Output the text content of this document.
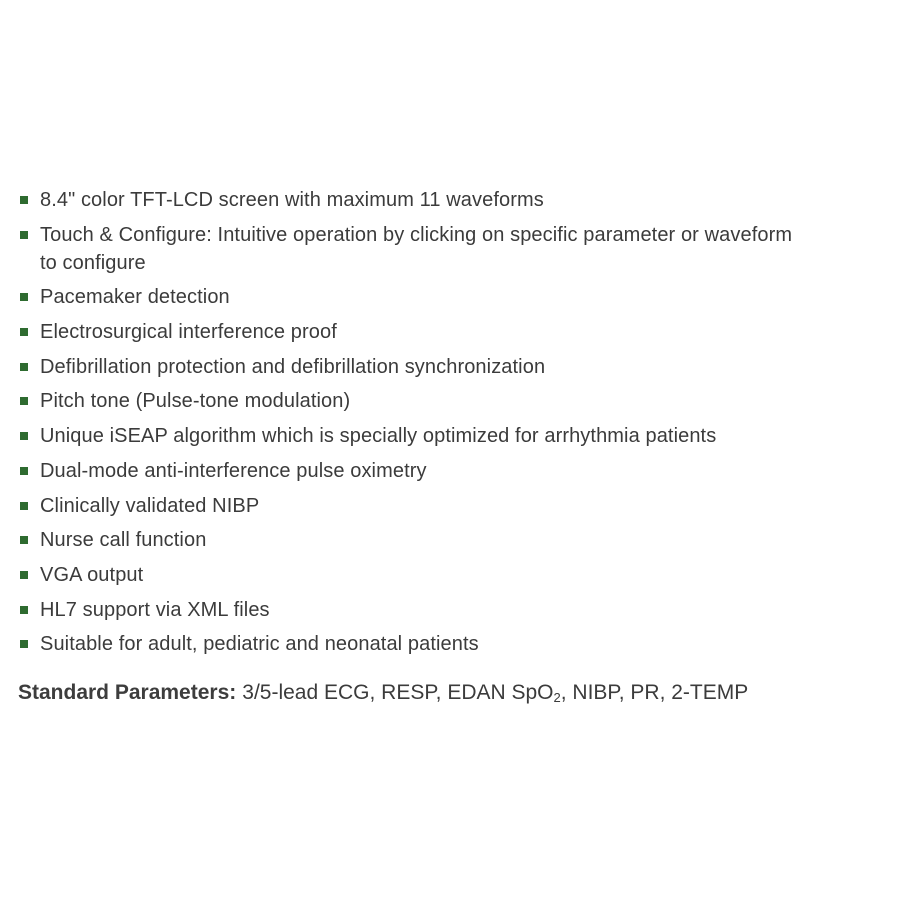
8.4" color TFT-LCD screen with maximum 11 waveforms
Touch & Configure: Intuitive operation by clicking on specific parameter or waveform to configure
Pacemaker detection
Electrosurgical interference proof
Defibrillation protection and defibrillation synchronization
Pitch tone (Pulse-tone modulation)
Unique iSEAP algorithm which is specially optimized for arrhythmia patients
Dual-mode anti-interference pulse oximetry
Clinically validated NIBP
Nurse call function
VGA output
HL7 support via XML files
Suitable for adult, pediatric and neonatal patients
Standard Parameters: 3/5-lead ECG, RESP, EDAN SpO2, NIBP, PR, 2-TEMP
